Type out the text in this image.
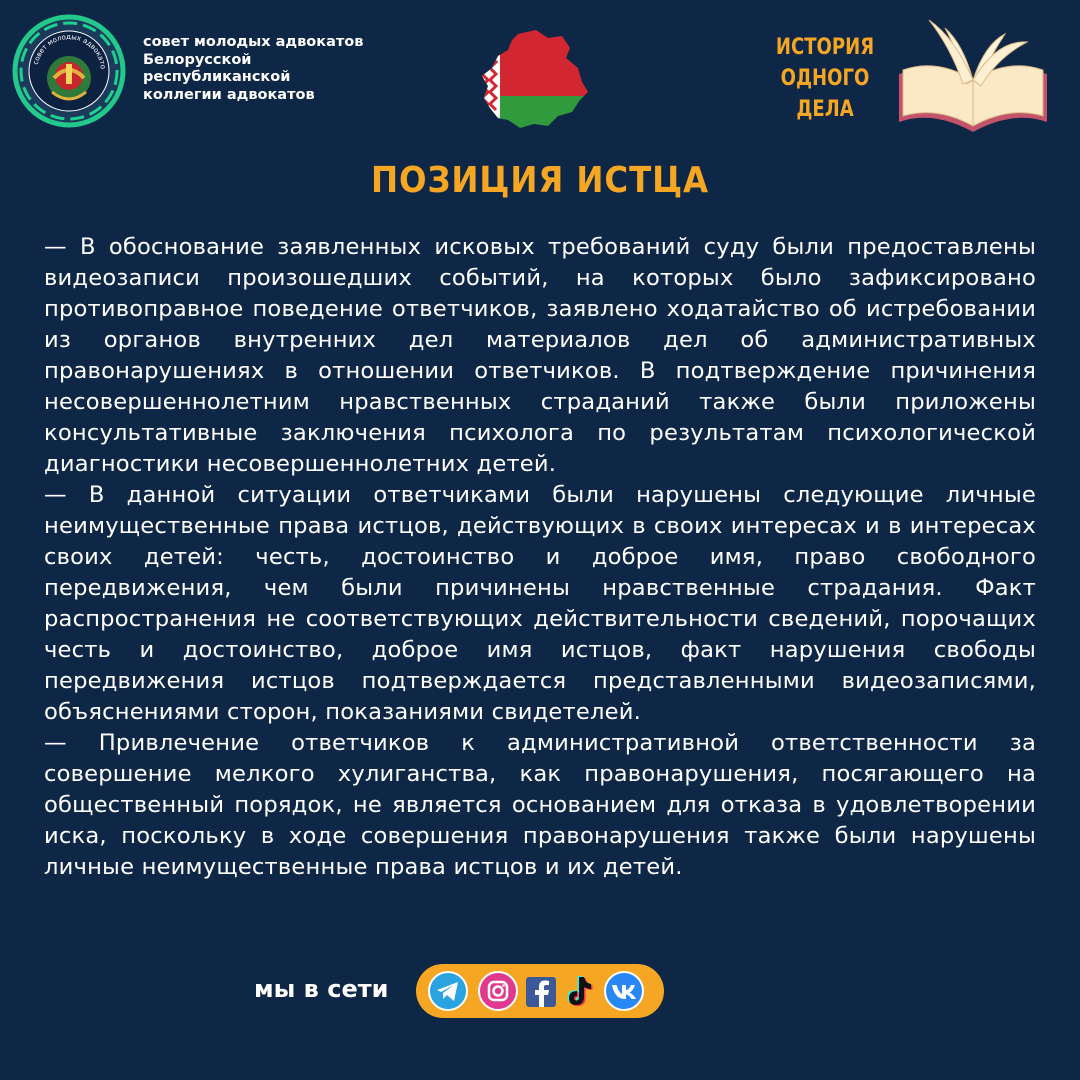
совет молодых адвокато
совет молодых адвокатов
Белорусской
республиканской
коллегии адвокатов
ИСТОРИЯ
ОДНОГО
ДЕЛА
ПОЗИЦИЯ ИСТЦА

— В обоснование заявленных исковых требований суду были предоставлены видеозаписи произошедших событий, на которых было зафиксировано противоправное поведение ответчиков, заявлено ходатайство об истребовании из органов внутренних дел материалов дел об административных правонарушениях в отношении ответчиков. В подтверждение причинения несовершеннолетним нравственных страданий также были приложены консультативные заключения психолога по результатам психологической диагностики несовершеннолетних детей.

— В данной ситуации ответчиками были нарушены следующие личные неимущественные права истцов, действующих в своих интересах и в интересах своих детей: честь, достоинство и доброе имя, право свободного передвижения, чем были причинены нравственные страдания. Факт распространения не соответствующих действительности сведений, порочащих честь и достоинство, доброе имя истцов, факт нарушения свободы передвижения истцов подтверждается представленными видеозаписями, объяснениями сторон, показаниями свидетелей.

— Привлечение ответчиков к административной ответственности за совершение мелкого хулиганства, как правонарушения, посягающего на общественный порядок, не является основанием для отказа в удовлетворении иска, поскольку в ходе совершения правонарушения также были нарушены личные неимущественные права истцов и их детей.

мы в сети
